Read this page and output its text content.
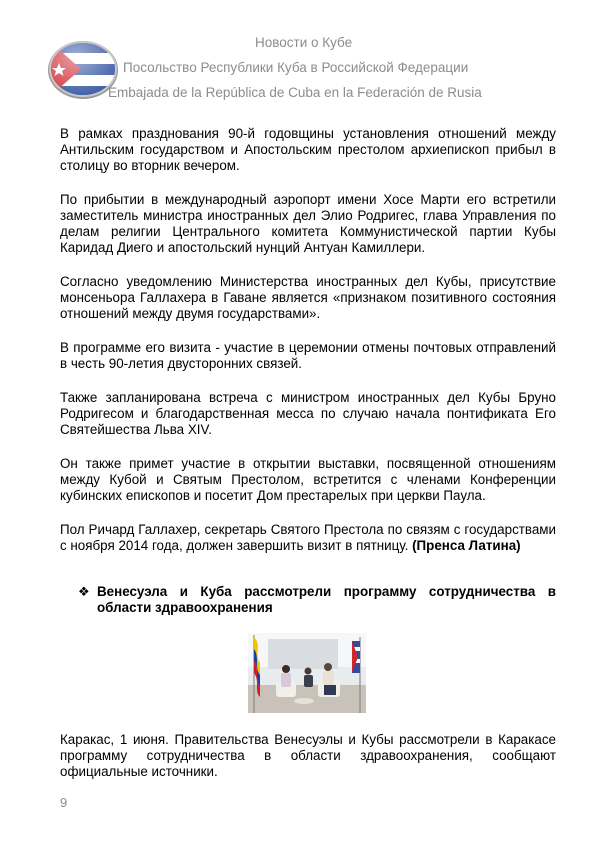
Новости о Кубе
Посольство Республики Куба в Российской Федерации
Embajada de la República de Cuba en la Federación de Rusia

В рамках празднования 90-й годовщины установления отношений между Антильским государством и Апостольским престолом архиепископ прибыл в столицу во вторник вечером.

По прибытии в международный аэропорт имени Хосе Марти его встретили заместитель министра иностранных дел Элио Родригес, глава Управления по делам религии Центрального комитета Коммунистической партии Кубы Каридад Диего и апостольский нунций Антуан Камиллери.

Согласно уведомлению Министерства иностранных дел Кубы, присутствие монсеньора Галлахера в Гаване является «признаком позитивного состояния отношений между двумя государствами».

В программе его визита - участие в церемонии отмены почтовых отправлений в честь 90-летия двусторонних связей.

Также запланирована встреча с министром иностранных дел Кубы Бруно Родригесом и благодарственная месса по случаю начала понтификата Его Святейшества Льва XIV.

Он также примет участие в открытии выставки, посвященной отношениям между Кубой и Святым Престолом, встретится с членами Конференции кубинских епископов и посетит Дом престарелых при церкви Паула.

Пол Ричард Галлахер, секретарь Святого Престола по связям с государствами с ноября 2014 года, должен завершить визит в пятницу. (Пренса Латина)

❖ Венесуэла и Куба рассмотрели программу сотрудничества в области здравоохранения

Каракас, 1 июня. Правительства Венесуэлы и Кубы рассмотрели в Каракасе программу сотрудничества в области здравоохранения, сообщают официальные источники.

9
